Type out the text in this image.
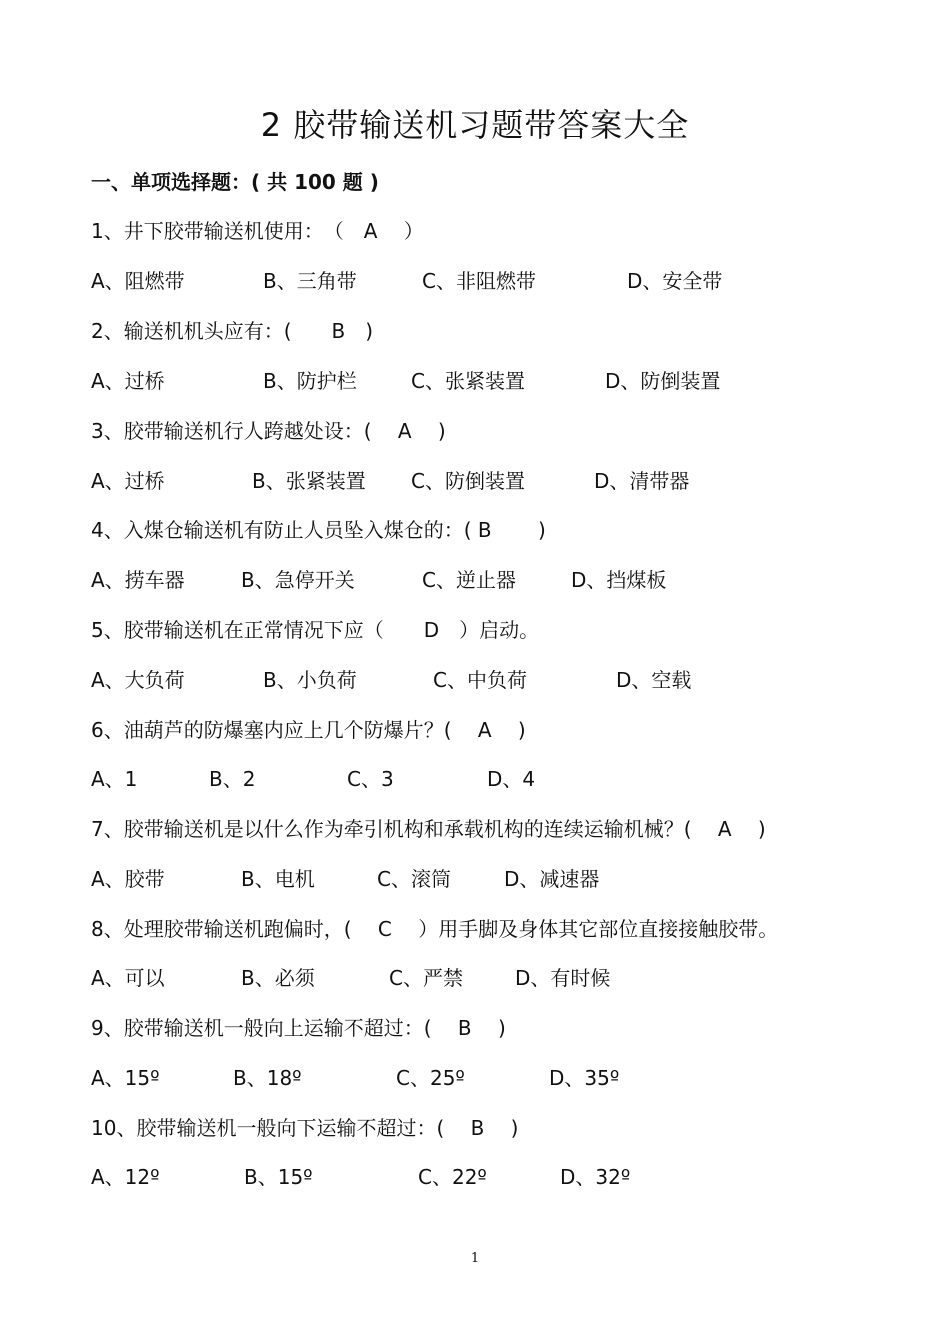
2 胶带输送机习题带答案大全
一、单项选择题：( 共 100 题 )
1、井下胶带输送机使用：　（　A　 ）
A、阻燃带	B、三角带	C、非阻燃带	D、安全带
2、输送机机头应有：(　　B　)
A、过桥	B、防护栏	C、张紧装置	D、防倒装置
3、胶带输送机行人跨越处设：(　 A　 )
A、过桥	B、张紧装置 C、防倒装置	D、清带器
4、入煤仓输送机有防止人员坠入煤仓的：( B　　 )
A、捞车器	B、急停开关	C、逆止器	D、挡煤板
5、胶带输送机在正常情况下应（　　D　）启动。
A、大负荷	B、小负荷	C、中负荷	D、空载
6、油葫芦的防爆塞内应上几个防爆片？(　 A　 )
A、1	B、2	C、3	D、4
7、胶带输送机是以什么作为牵引机构和承载机构的连续运输机械？(　 A　 )
A、胶带	B、电机	C、滚筒	D、减速器
8、处理胶带输送机跑偏时，(　 C　 ）用手脚及身体其它部位直接接触胶带。
A、可以	B、必须	C、严禁	D、有时候
9、胶带输送机一般向上运输不超过：(　 B　 )
A、15º	B、18º	C、25º	D、35º
10、胶带输送机一般向下运输不超过：(　 B　 )
A、12º	B、15º	C、22º	D、32º
1
